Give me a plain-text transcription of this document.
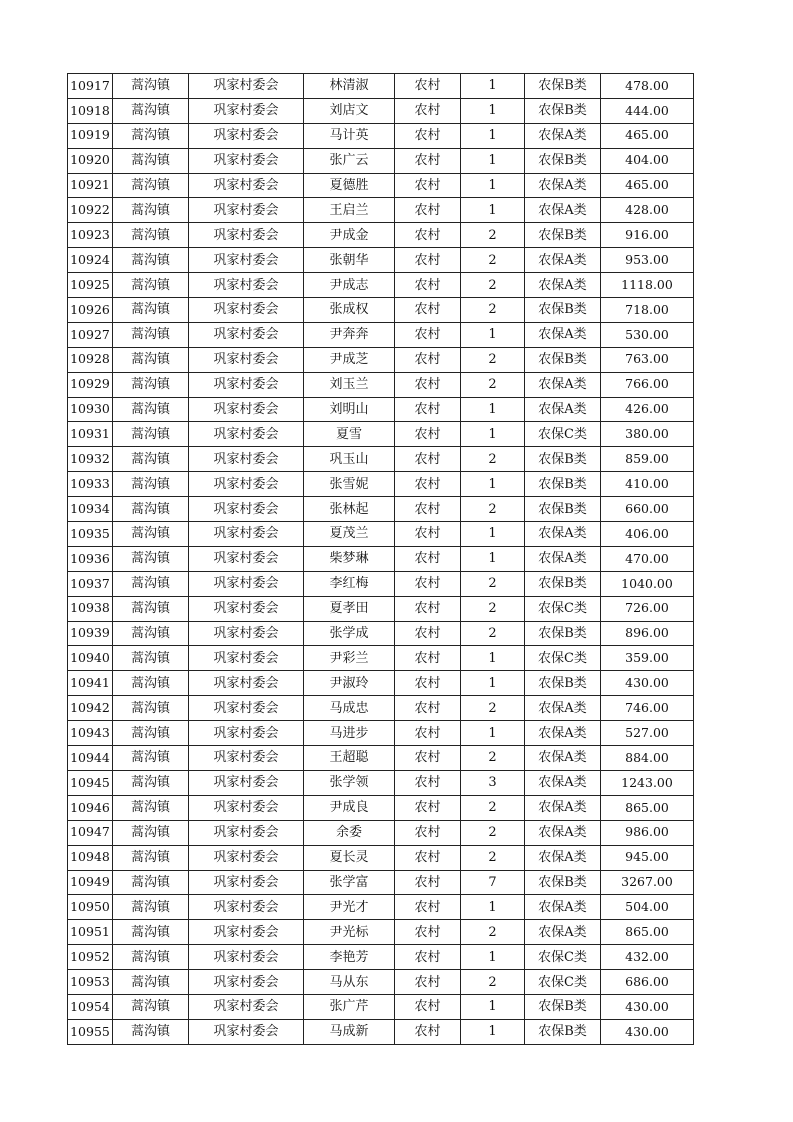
10917	蒿沟镇	巩家村委会	林清淑	农村	1	农保B类	478.00
10918	蒿沟镇	巩家村委会	刘店文	农村	1	农保B类	444.00
10919	蒿沟镇	巩家村委会	马计英	农村	1	农保A类	465.00
10920	蒿沟镇	巩家村委会	张广云	农村	1	农保B类	404.00
10921	蒿沟镇	巩家村委会	夏德胜	农村	1	农保A类	465.00
10922	蒿沟镇	巩家村委会	王启兰	农村	1	农保A类	428.00
10923	蒿沟镇	巩家村委会	尹成金	农村	2	农保B类	916.00
10924	蒿沟镇	巩家村委会	张朝华	农村	2	农保A类	953.00
10925	蒿沟镇	巩家村委会	尹成志	农村	2	农保A类	1118.00
10926	蒿沟镇	巩家村委会	张成权	农村	2	农保B类	718.00
10927	蒿沟镇	巩家村委会	尹奔奔	农村	1	农保A类	530.00
10928	蒿沟镇	巩家村委会	尹成芝	农村	2	农保B类	763.00
10929	蒿沟镇	巩家村委会	刘玉兰	农村	2	农保A类	766.00
10930	蒿沟镇	巩家村委会	刘明山	农村	1	农保A类	426.00
10931	蒿沟镇	巩家村委会	夏雪	农村	1	农保C类	380.00
10932	蒿沟镇	巩家村委会	巩玉山	农村	2	农保B类	859.00
10933	蒿沟镇	巩家村委会	张雪妮	农村	1	农保B类	410.00
10934	蒿沟镇	巩家村委会	张林起	农村	2	农保B类	660.00
10935	蒿沟镇	巩家村委会	夏茂兰	农村	1	农保A类	406.00
10936	蒿沟镇	巩家村委会	柴梦琳	农村	1	农保A类	470.00
10937	蒿沟镇	巩家村委会	李红梅	农村	2	农保B类	1040.00
10938	蒿沟镇	巩家村委会	夏孝田	农村	2	农保C类	726.00
10939	蒿沟镇	巩家村委会	张学成	农村	2	农保B类	896.00
10940	蒿沟镇	巩家村委会	尹彩兰	农村	1	农保C类	359.00
10941	蒿沟镇	巩家村委会	尹淑玲	农村	1	农保B类	430.00
10942	蒿沟镇	巩家村委会	马成忠	农村	2	农保A类	746.00
10943	蒿沟镇	巩家村委会	马进步	农村	1	农保A类	527.00
10944	蒿沟镇	巩家村委会	王超聪	农村	2	农保A类	884.00
10945	蒿沟镇	巩家村委会	张学领	农村	3	农保A类	1243.00
10946	蒿沟镇	巩家村委会	尹成良	农村	2	农保A类	865.00
10947	蒿沟镇	巩家村委会	余委	农村	2	农保A类	986.00
10948	蒿沟镇	巩家村委会	夏长灵	农村	2	农保A类	945.00
10949	蒿沟镇	巩家村委会	张学富	农村	7	农保B类	3267.00
10950	蒿沟镇	巩家村委会	尹光才	农村	1	农保A类	504.00
10951	蒿沟镇	巩家村委会	尹光标	农村	2	农保A类	865.00
10952	蒿沟镇	巩家村委会	李艳芳	农村	1	农保C类	432.00
10953	蒿沟镇	巩家村委会	马从东	农村	2	农保C类	686.00
10954	蒿沟镇	巩家村委会	张广芹	农村	1	农保B类	430.00
10955	蒿沟镇	巩家村委会	马成新	农村	1	农保B类	430.00
